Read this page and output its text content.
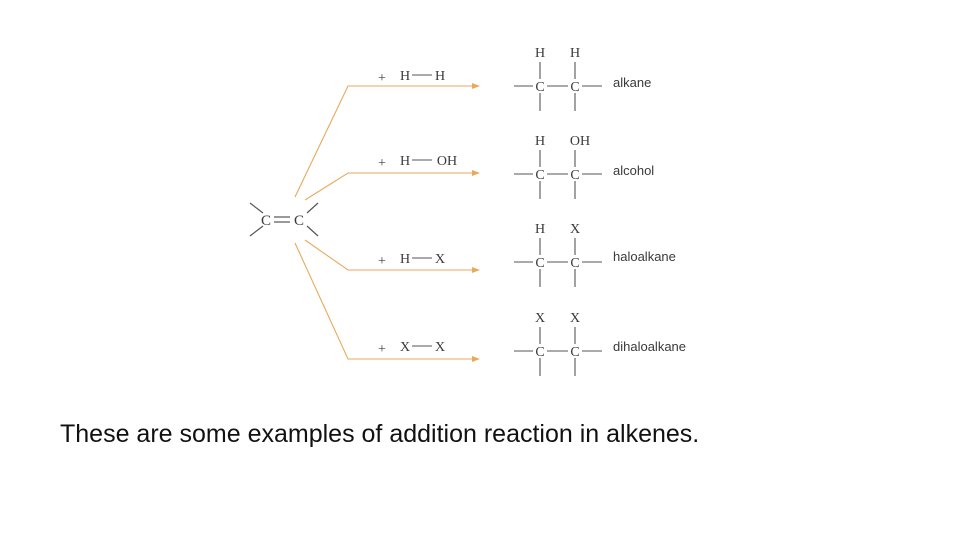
C C
+ H H
+ H OH
+ H X
+ X X
H H
C C	alkane
H OH
C C	alcohol
H X
C C	haloalkane
X X
C C	dihaloalkane
These are some examples of addition reaction in alkenes.
